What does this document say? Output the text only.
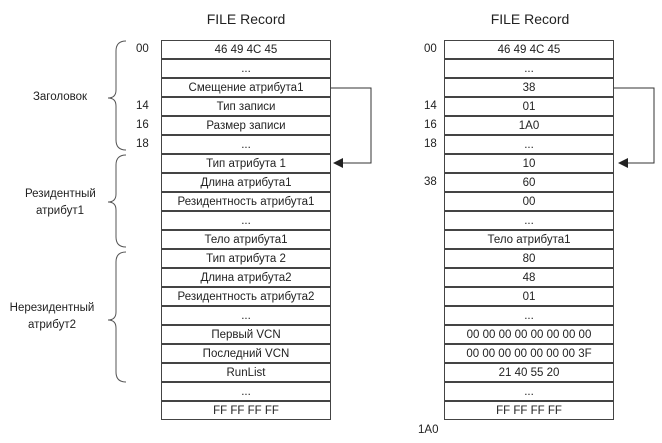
FILE Record	FILE Record
46 49 4C 45
...
Смещение атрибута1
Тип записи
Размер записи
...
Тип атрибута 1
Длина атрибута1
Резидентность атрибута1
...
Тело атрибута1
Тип атрибута 2
Длина атрибута2
Резидентность атрибута2
...
Первый VCN
Последний VCN
RunList
...
FF FF FF FF
00
14
16
18
46 49 4C 45
...
38
01
1A0
...
10
60
00
...
Тело атрибута1
80
48
01
...
00 00 00 00 00 00 00 00
00 00 00 00 00 00 00 3F
21 40 55 20
...
FF FF FF FF
00
14
16
18
38
Заголовок
Резидентный атрибут1
Нерезидентный атрибут2
1A0
